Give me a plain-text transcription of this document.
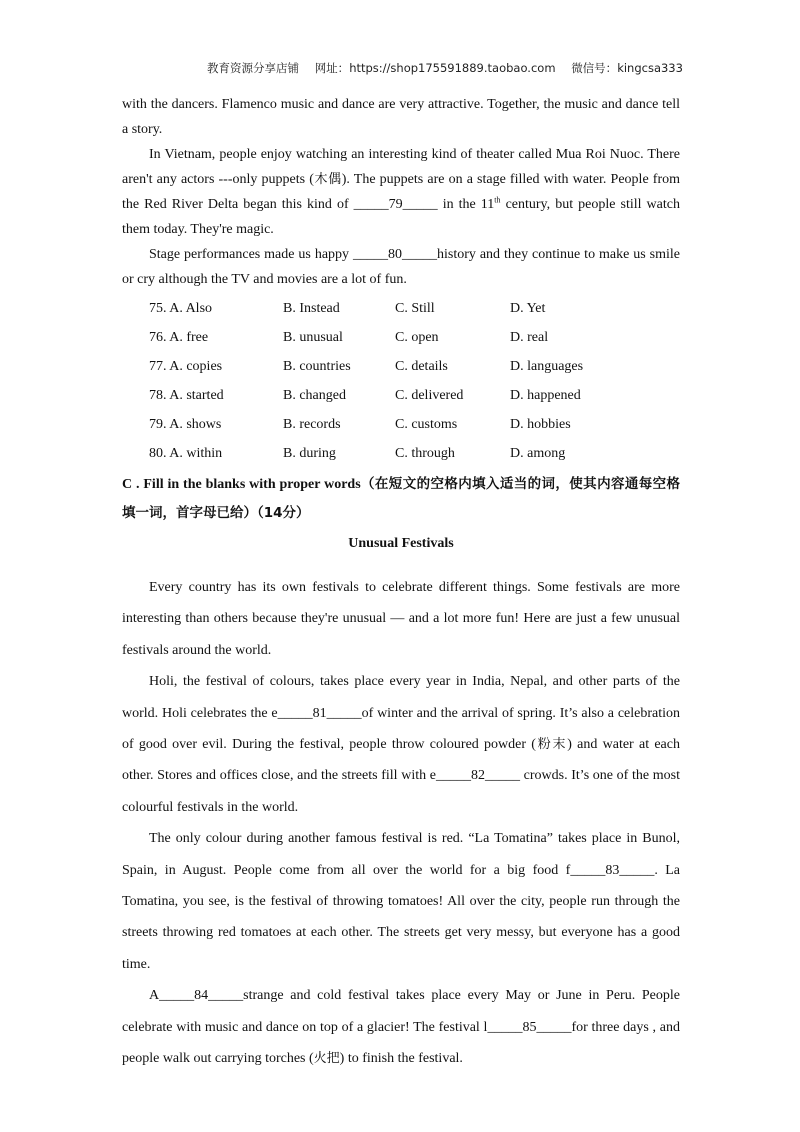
教育资源分享店铺 网址：https://shop175591889.taobao.com 微信号：kingcsa333

with the dancers. Flamenco music and dance are very attractive. Together, the music and dance tell a story.

In Vietnam, people enjoy watching an interesting kind of theater called Mua Roi Nuoc. There aren't any actors ---only puppets (木偶). The puppets are on a stage filled with water. People from the Red River Delta began this kind of _____79_____ in the 11th century, but people still watch them today. They're magic.

Stage performances made us happy _____80_____history and they continue to make us smile or cry although the TV and movies are a lot of fun.

75. A. Also	B. Instead	C. Still	D. Yet
76. A. free	B. unusual	C. open	D. real
77. A. copies	B. countries	C. details	D. languages
78. A. started	B. changed	C. delivered	D. happened
79. A. shows	B. records	C. customs	D. hobbies
80. A. within	B. during	C. through	D. among

C . Fill in the blanks with proper words（在短文的空格内填入适当的词，使其内容通每空格填一词，首字母已给）（14分）

Unusual Festivals

Every country has its own festivals to celebrate different things. Some festivals are more interesting than others because they're unusual — and a lot more fun! Here are just a few unusual festivals around the world.

Holi, the festival of colours, takes place every year in India, Nepal, and other parts of the world. Holi celebrates the e_____81_____of winter and the arrival of spring. It’s also a celebration of good over evil. During the festival, people throw coloured powder (粉末) and water at each other. Stores and offices close, and the streets fill with e_____82_____ crowds. It’s one of the most colourful festivals in the world.

The only colour during another famous festival is red. “La Tomatina” takes place in Bunol, Spain, in August. People come from all over the world for a big food f_____83_____. La Tomatina, you see, is the festival of throwing tomatoes! All over the city, people run through the streets throwing red tomatoes at each other. The streets get very messy, but everyone has a good time.

A_____84_____strange and cold festival takes place every May or June in Peru. People celebrate with music and dance on top of a glacier! The festival l_____85_____for three days , and people walk out carrying torches (火把) to finish the festival.
